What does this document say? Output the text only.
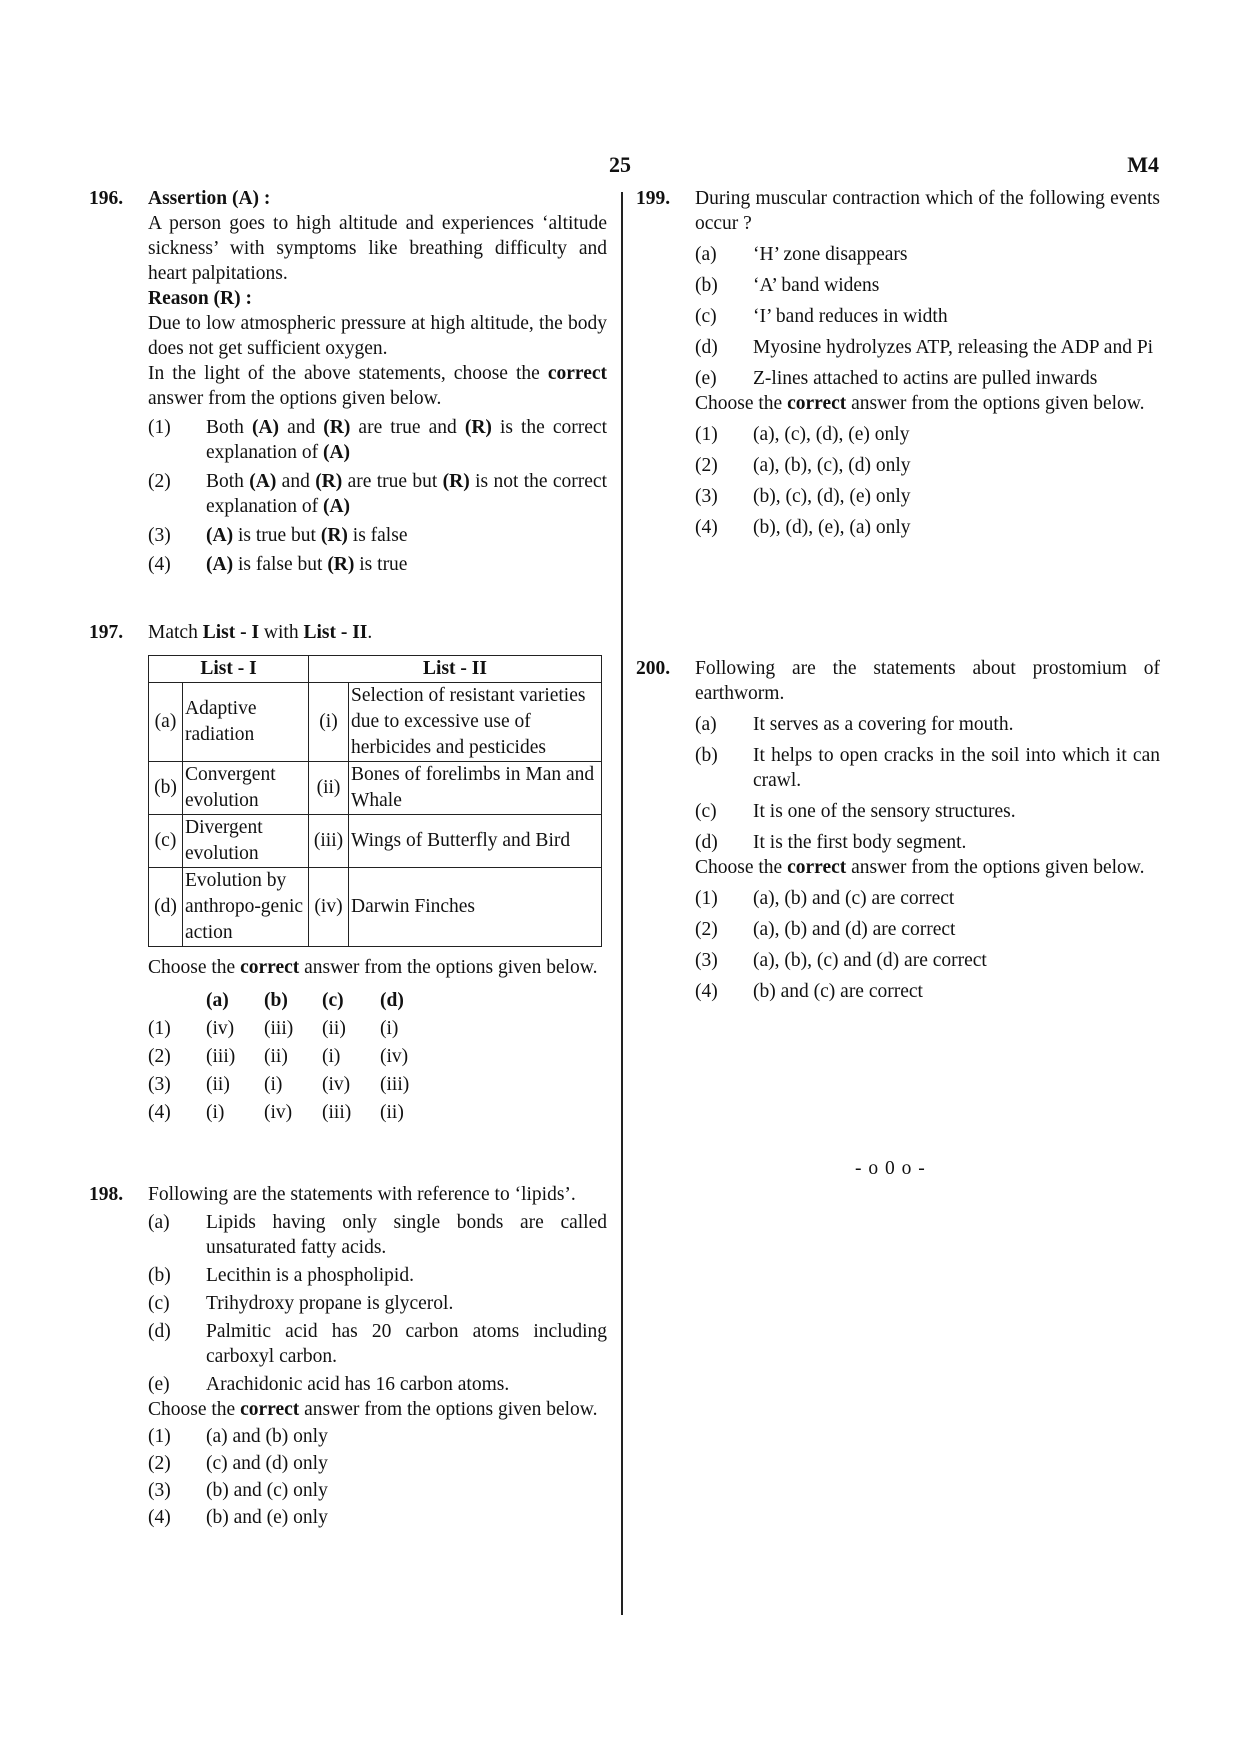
25	M4
196. Assertion (A) :

A person goes to high altitude and experiences ‘altitude sickness’ with symptoms like breathing difficulty and heart palpitations.

Reason (R) :

Due to low atmospheric pressure at high altitude, the body does not get sufficient oxygen.

In the light of the above statements, choose the correct answer from the options given below.

(1)	Both (A) and (R) are true and (R) is the correct explanation of (A)
(2)	Both (A) and (R) are true but (R) is not the correct explanation of (A)
(3)	(A) is true but (R) is false
(4)	(A) is false but (R) is true
197. Match List - I with List - II.

List - I		List - II	
(a)	Adaptive radiation	(i)	Selection of resistant varieties due to excessive use of herbicides and pesticides
(b)	Convergent evolution	(ii)	Bones of forelimbs in Man and Whale
(c)	Divergent evolution	(iii)	Wings of Butterfly and Bird
(d)	Evolution by anthropo-genic action	(iv)	Darwin Finches

Choose the correct answer from the options given below.

(a)	(b)	(c)	(d)
(1)	(iv)	(iii)	(ii)	(i)
(2)	(iii)	(ii)	(i)	(iv)
(3)	(ii)	(i)	(iv)	(iii)
(4)	(i)	(iv)	(iii)	(ii)
198. Following are the statements with reference to ‘lipids’.

(a)	Lipids having only single bonds are called unsaturated fatty acids.
(b)	Lecithin is a phospholipid.
(c)	Trihydroxy propane is glycerol.
(d)	Palmitic acid has 20 carbon atoms including carboxyl carbon.
(e)	Arachidonic acid has 16 carbon atoms.

Choose the correct answer from the options given below.

(1)	(a) and (b) only
(2)	(c) and (d) only
(3)	(b) and (c) only
(4)	(b) and (e) only
199. During muscular contraction which of the following events occur ?

(a)	‘H’ zone disappears
(b)	‘A’ band widens
(c)	‘I’ band reduces in width
(d)	Myosine hydrolyzes ATP, releasing the ADP and Pi
(e)	Z-lines attached to actins are pulled inwards

Choose the correct answer from the options given below.

(1)	(a), (c), (d), (e) only
(2)	(a), (b), (c), (d) only
(3)	(b), (c), (d), (e) only
(4)	(b), (d), (e), (a) only
200. Following are the statements about prostomium of earthworm.

(a)	It serves as a covering for mouth.
(b)	It helps to open cracks in the soil into which it can crawl.
(c)	It is one of the sensory structures.
(d)	It is the first body segment.

Choose the correct answer from the options given below.

(1)	(a), (b) and (c) are correct
(2)	(a), (b) and (d) are correct
(3)	(a), (b), (c) and (d) are correct
(4)	(b) and (c) are correct
- o 0 o -
